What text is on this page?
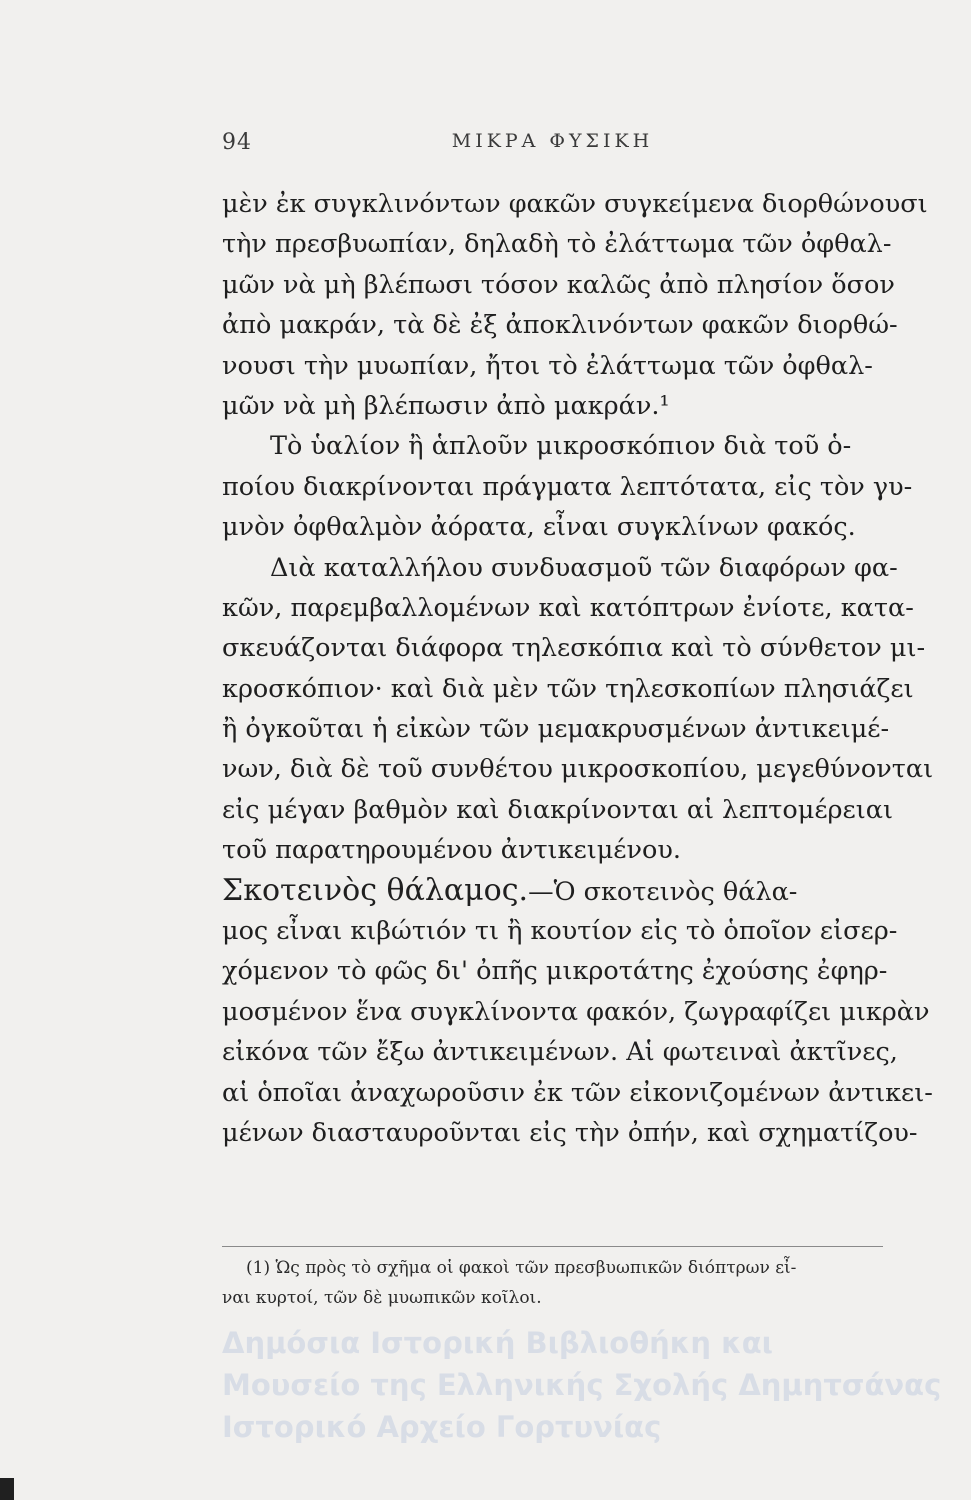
94	ΜΙΚΡΑ ΦΥΣΙΚΗ
μὲν ἐκ συγκλινόντων φακῶν συγκείμενα διορθώνουσι
τὴν πρεσβυωπίαν, δηλαδὴ τὸ ἐλάττωμα τῶν ὀφθαλ-
μῶν νὰ μὴ βλέπωσι τόσον καλῶς ἀπὸ πλησίον ὅσον
ἀπὸ μακράν, τὰ δὲ ἐξ ἀποκλινόντων φακῶν διορθώ-
νουσι τὴν μυωπίαν, ἤτοι τὸ ἐλάττωμα τῶν ὀφθαλ-
μῶν νὰ μὴ βλέπωσιν ἀπὸ μακράν.¹
Τὸ ὑαλίον ἢ ἁπλοῦν μικροσκόπιον διὰ τοῦ ὁ-
ποίου διακρίνονται πράγματα λεπτότατα, εἰς τὸν γυ-
μνὸν ὀφθαλμὸν ἀόρατα, εἶναι συγκλίνων φακός.
Διὰ καταλλήλου συνδυασμοῦ τῶν διαφόρων φα-
κῶν, παρεμβαλλομένων καὶ κατόπτρων ἐνίοτε, κατα-
σκευάζονται διάφορα τηλεσκόπια καὶ τὸ σύνθετον μι-
κροσκόπιον· καὶ διὰ μὲν τῶν τηλεσκοπίων πλησιάζει
ἢ ὀγκοῦται ἡ εἰκὼν τῶν μεμακρυσμένων ἀντικειμέ-
νων, διὰ δὲ τοῦ συνθέτου μικροσκοπίου, μεγεθύνονται
εἰς μέγαν βαθμὸν καὶ διακρίνονται αἱ λεπτομέρειαι
τοῦ παρατηρουμένου ἀντικειμένου.
Σκοτεινὸς θάλαμος.—Ὁ σκοτεινὸς θάλα-
μος εἶναι κιβώτιόν τι ἢ κουτίον εἰς τὸ ὁποῖον εἰσερ-
χόμενον τὸ φῶς δι' ὀπῆς μικροτάτης ἐχούσης ἐφηρ-
μοσμένον ἕνα συγκλίνοντα φακόν, ζωγραφίζει μικρὰν
εἰκόνα τῶν ἔξω ἀντικειμένων. Αἱ φωτειναὶ ἀκτῖνες,
αἱ ὁποῖαι ἀναχωροῦσιν ἐκ τῶν εἰκονιζομένων ἀντικει-
μένων διασταυροῦνται εἰς τὴν ὀπήν, καὶ σχηματίζου-
(1) Ὡς πρὸς τὸ σχῆμα οἱ φακοὶ τῶν πρεσβυωπικῶν διόπτρων εἶ-
ναι κυρτοί, τῶν δὲ μυωπικῶν κοῖλοι.
Δημόσια Ιστορική Βιβλιοθήκη και
Μουσείο της Ελληνικής Σχολής Δημητσάνας
Ιστορικό Αρχείο Γορτυνίας
